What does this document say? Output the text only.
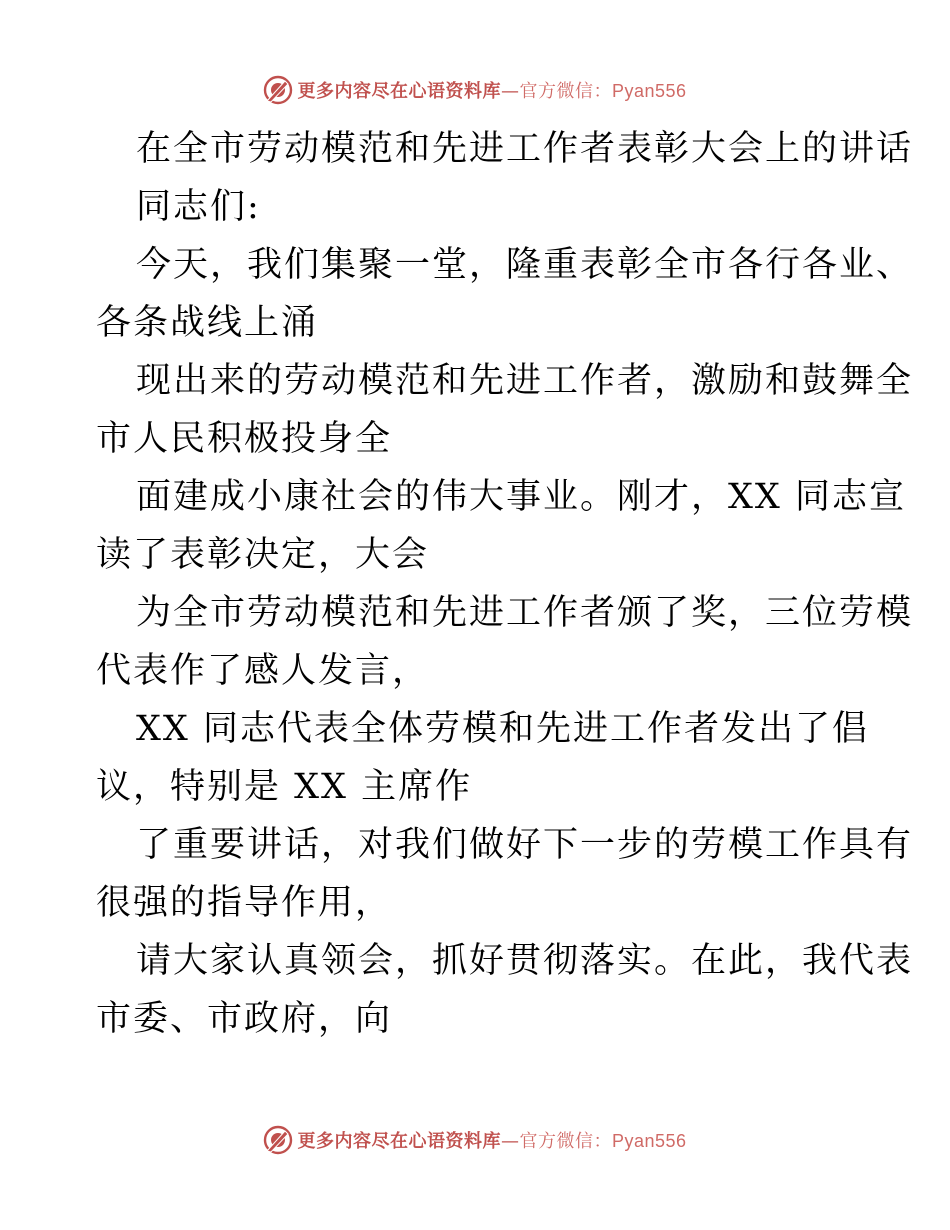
更多内容尽在心语资料库—官方微信：Pyan556
在全市劳动模范和先进工作者表彰大会上的讲话
同志们:
今天，我们集聚一堂，隆重表彰全市各行各业、
各条战线上涌
现出来的劳动模范和先进工作者，激励和鼓舞全
市人民积极投身全
面建成小康社会的伟大事业。刚才，XX 同志宣
读了表彰决定，大会
为全市劳动模范和先进工作者颁了奖，三位劳模
代表作了感人发言，
XX 同志代表全体劳模和先进工作者发出了倡
议，特别是 XX 主席作
了重要讲话，对我们做好下一步的劳模工作具有
很强的指导作用，
请大家认真领会，抓好贯彻落实。在此，我代表
市委、市政府，向
更多内容尽在心语资料库—官方微信：Pyan556
